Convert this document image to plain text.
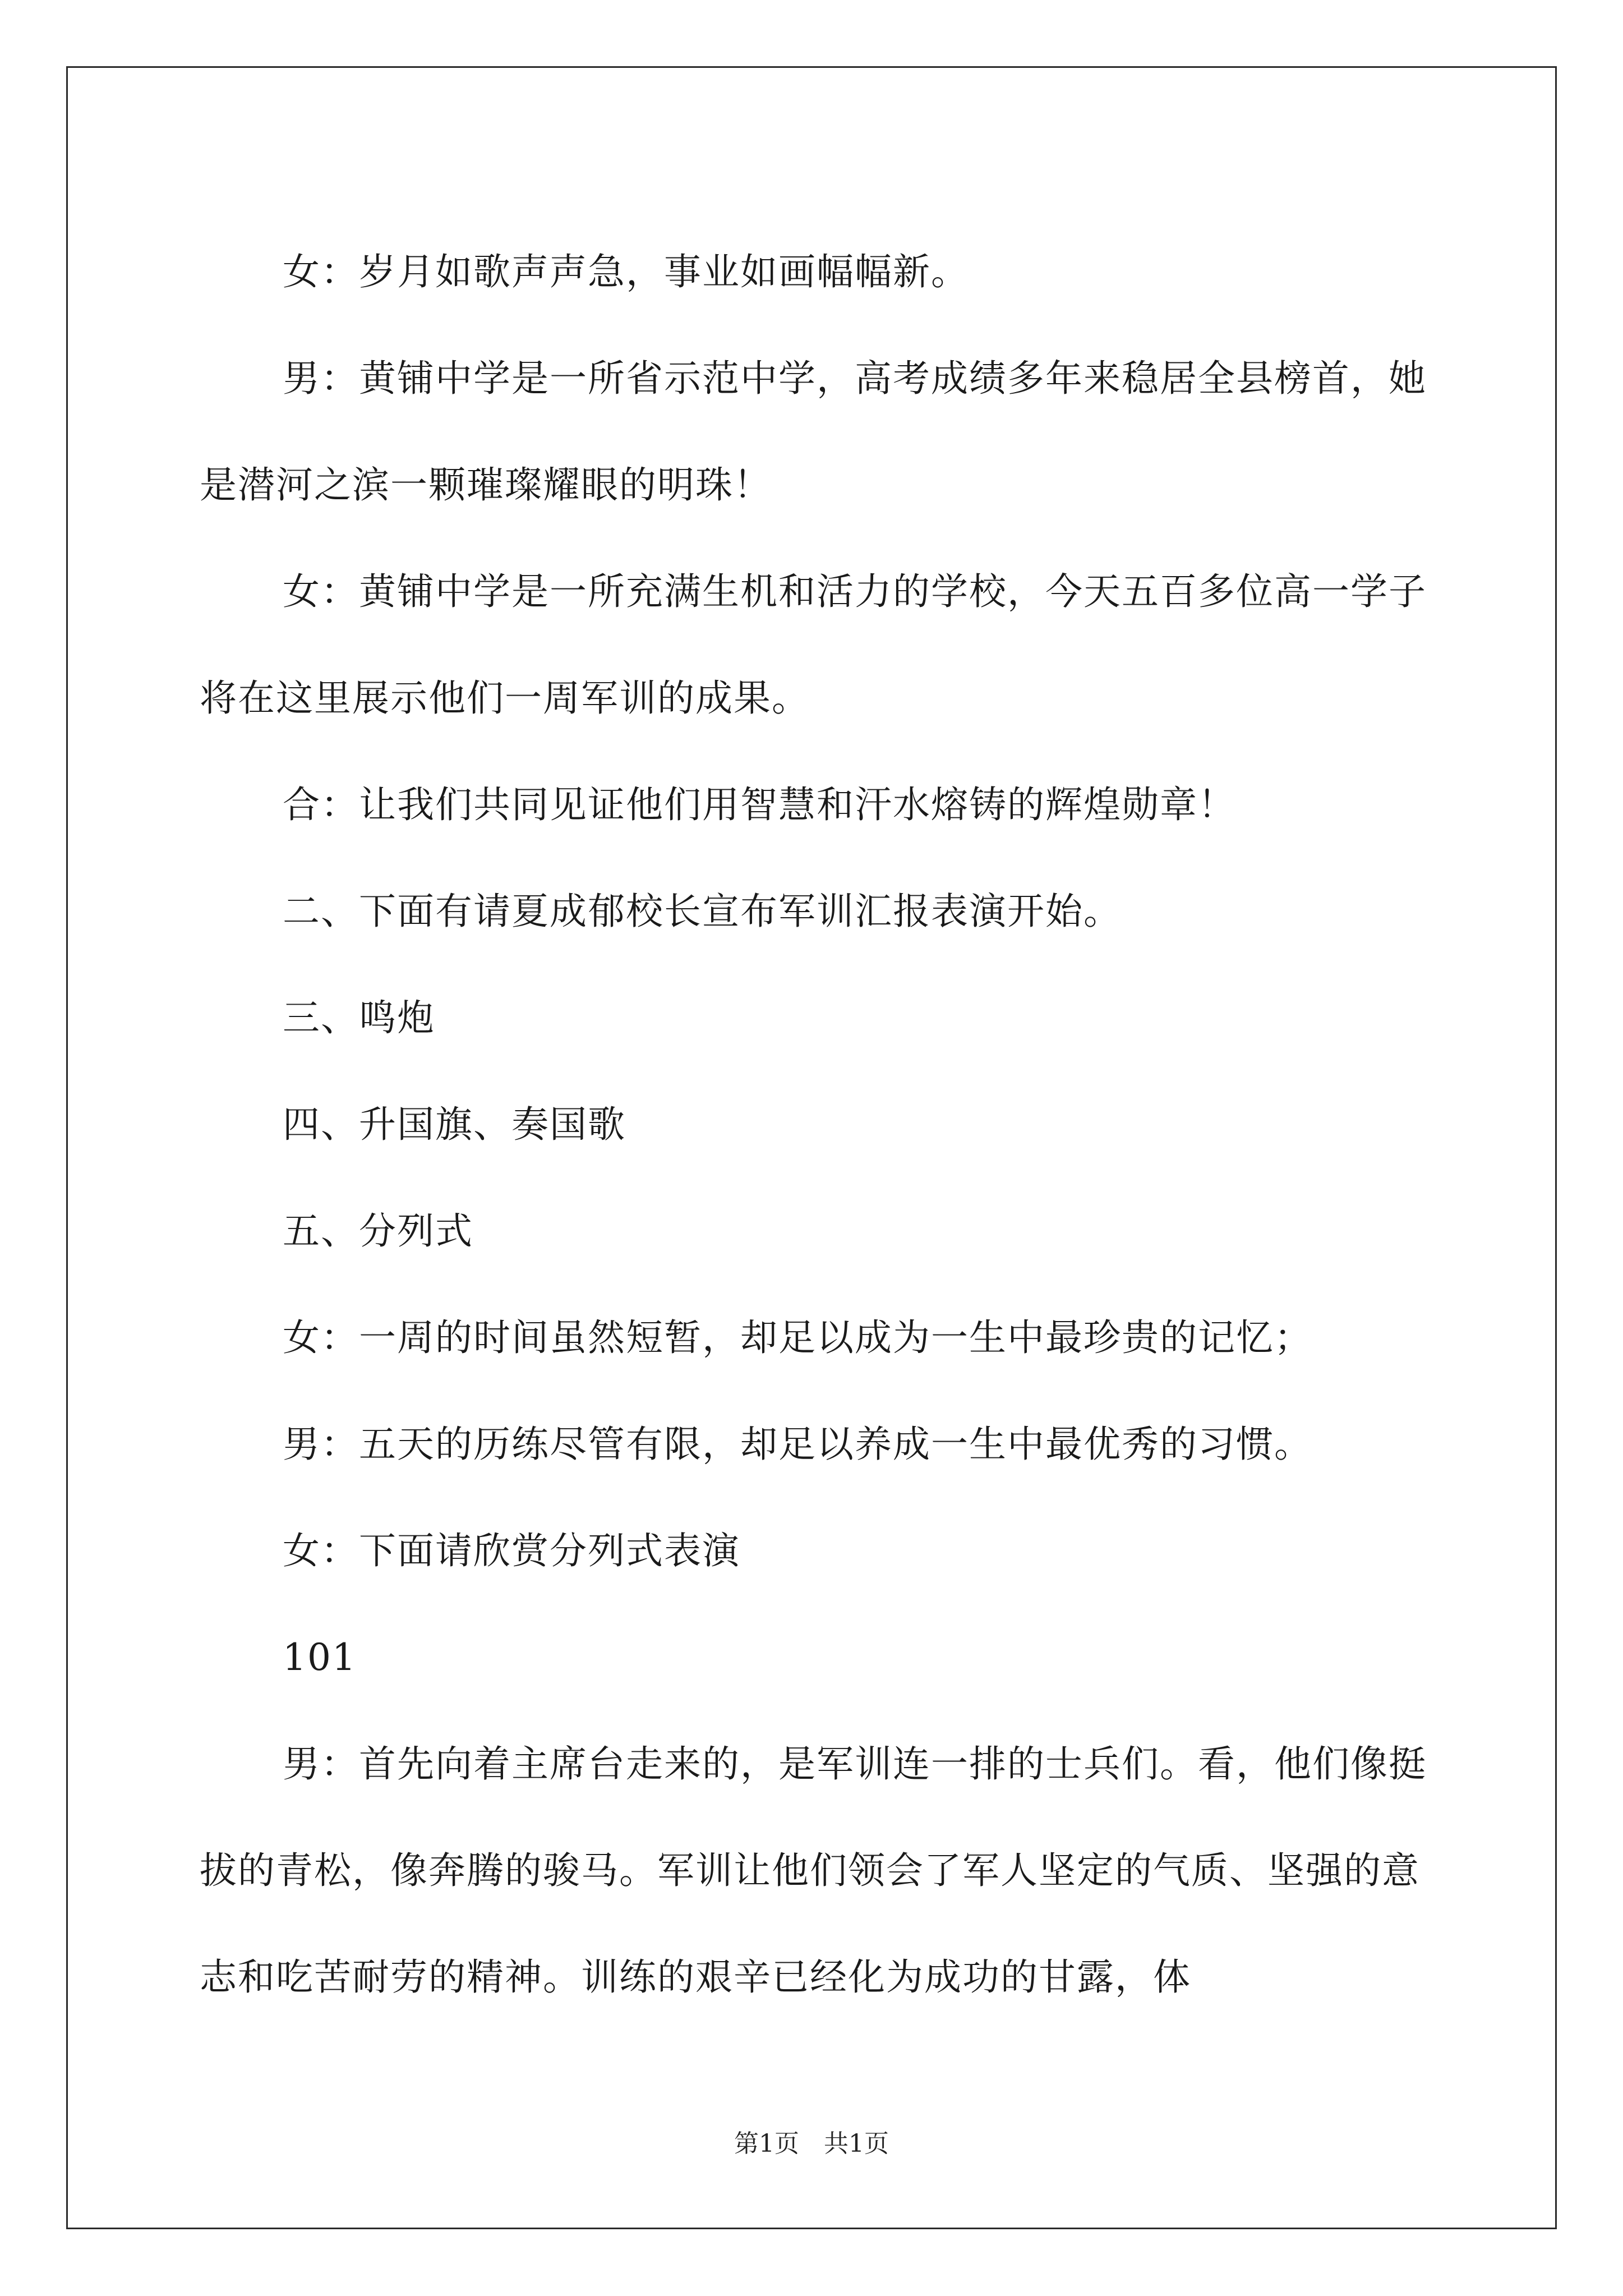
女：岁月如歌声声急，事业如画幅幅新。

男：黄铺中学是一所省示范中学，高考成绩多年来稳居全县榜首，她是潜河之滨一颗璀璨耀眼的明珠！

女：黄铺中学是一所充满生机和活力的学校，今天五百多位高一学子将在这里展示他们一周军训的成果。

合：让我们共同见证他们用智慧和汗水熔铸的辉煌勋章！

二、下面有请夏成郁校长宣布军训汇报表演开始。

三、鸣炮

四、升国旗、奏国歌

五、分列式

女：一周的时间虽然短暂，却足以成为一生中最珍贵的记忆；

男：五天的历练尽管有限，却足以养成一生中最优秀的习惯。

女：下面请欣赏分列式表演

101

男：首先向着主席台走来的，是军训连一排的士兵们。看，他们像挺拔的青松，像奔腾的骏马。军训让他们领会了军人坚定的气质、坚强的意志和吃苦耐劳的精神。训练的艰辛已经化为成功的甘露，体

第1页　共1页
